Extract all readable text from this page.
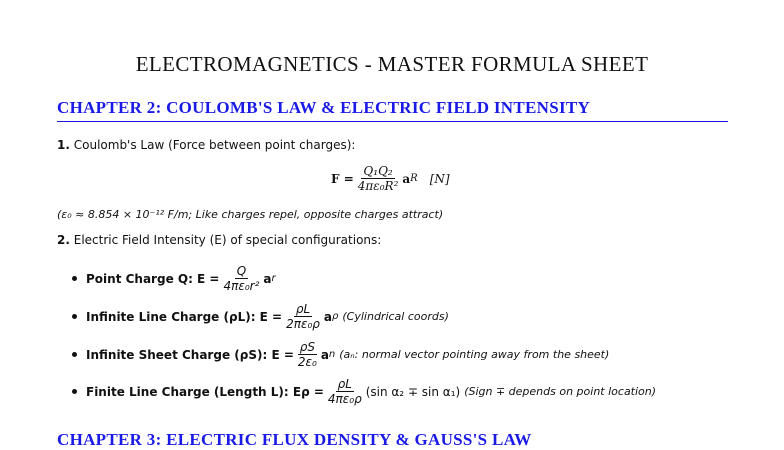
ELECTROMAGNETICS - MASTER FORMULA SHEET
CHAPTER 2: COULOMB'S LAW & ELECTRIC FIELD INTENSITY
1. Coulomb's Law (Force between point charges):
$F = \frac{\text{Q₁Q₂}}{\text{4πε₀R²}}$ a R [N]
(ε₀ ≈ 8.854 × 10⁻¹² F/m; Like charges repel, opposite charges attract)
2. Electric Field Intensity (E) of special configurations:
Point Charge Q: $E = \frac{Q}{\text{4πε₀r²}}$ a r
Infinite Line Charge (ρL): $E = \frac{\rho L}{\text{2πε₀ρ}}$ a ρ (Cylindrical coords)
Infinite Sheet Charge (ρS): $E = \frac{\rho S}{\text{2ε₀}}$ a n (aₙ: normal vector pointing away from the sheet)
Finite Line Charge (Length L): $E\rho = \frac{\rho L}{\text{4πε₀ρ}} (\sin$ α₂ ∓ sin α₁) (Sign ∓ depends on point location)
CHAPTER 3: ELECTRIC FLUX DENSITY & GAUSS'S LAW
